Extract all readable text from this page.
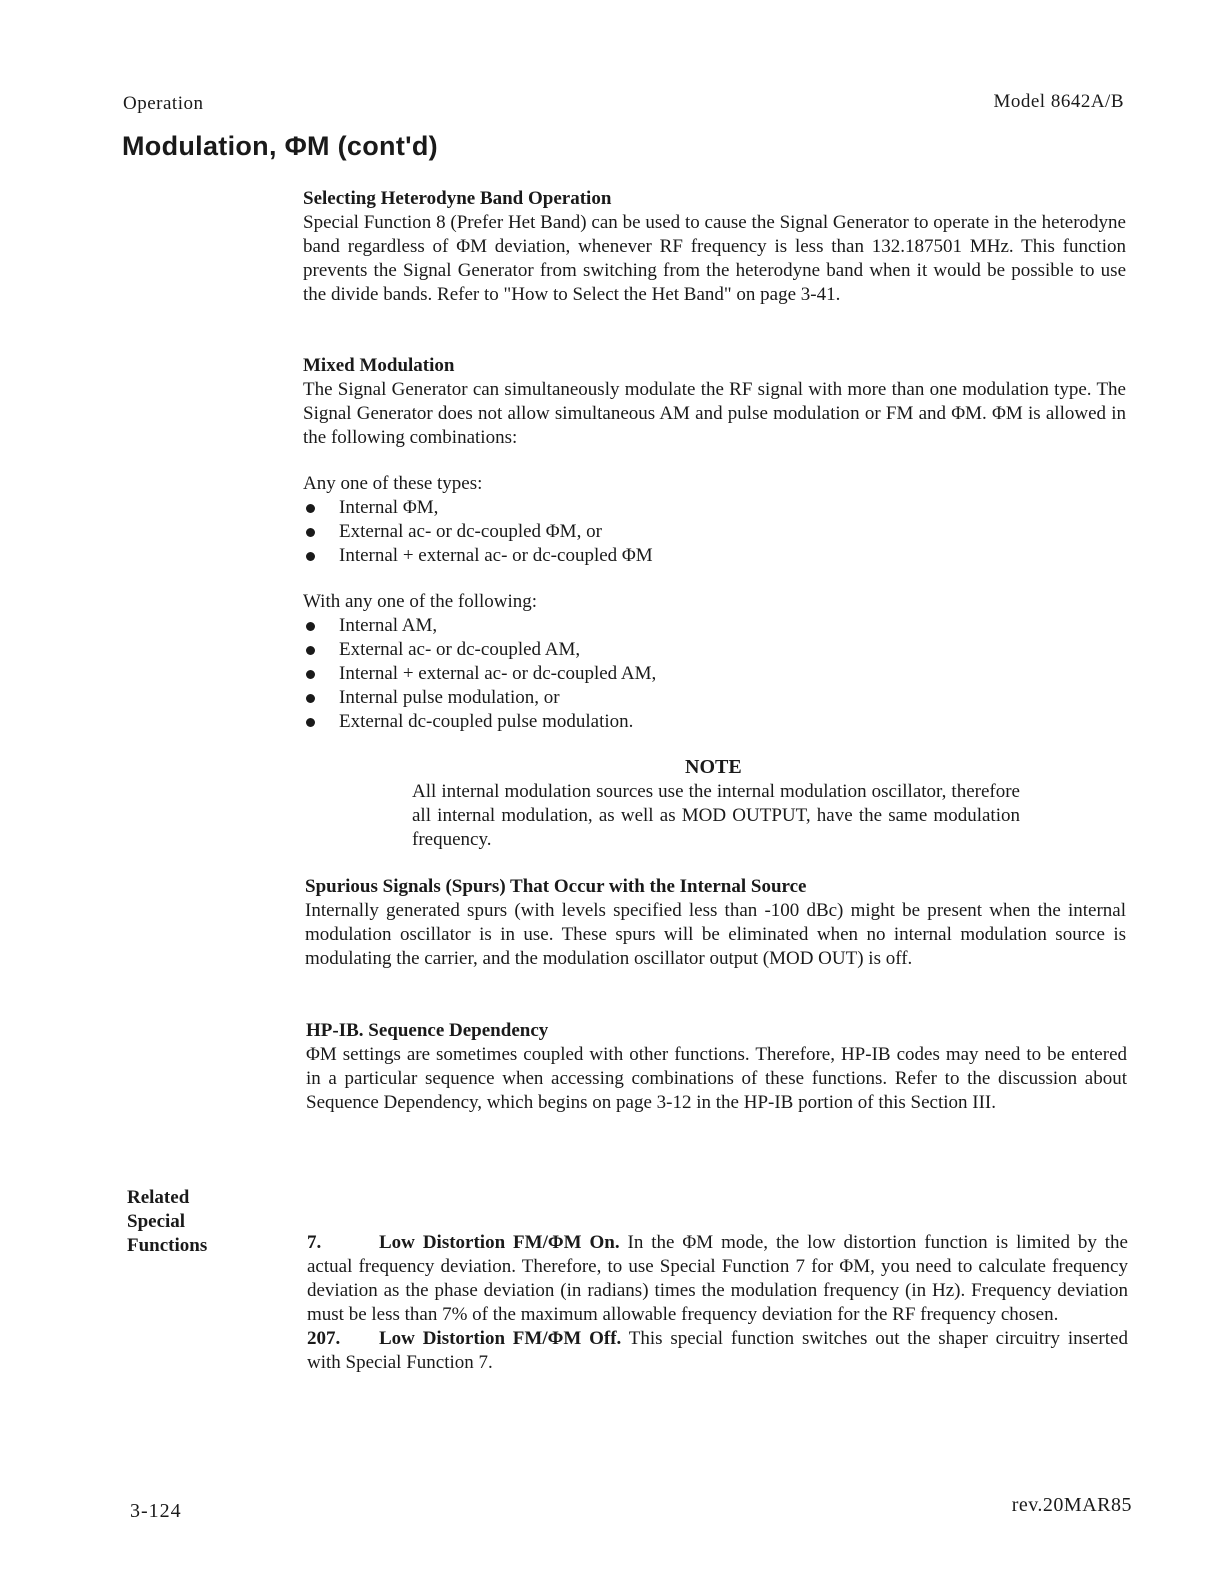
Operation	Model 8642A/B
Modulation, ΦM (cont'd)
Selecting Heterodyne Band Operation
Special Function 8 (Prefer Het Band) can be used to cause the Signal Generator to operate in the heterodyne band regardless of ΦM deviation, whenever RF frequency is less than 132.187501 MHz. This function prevents the Signal Generator from switching from the heterodyne band when it would be possible to use the divide bands. Refer to "How to Select the Het Band" on page 3-41.
Mixed Modulation
The Signal Generator can simultaneously modulate the RF signal with more than one modulation type. The Signal Generator does not allow simultaneous AM and pulse modulation or FM and ΦM. ΦM is allowed in the following combinations:
Any one of these types:
Internal ΦM,
External ac- or dc-coupled ΦM, or
Internal + external ac- or dc-coupled ΦM
With any one of the following:
Internal AM,
External ac- or dc-coupled AM,
Internal + external ac- or dc-coupled AM,
Internal pulse modulation, or
External dc-coupled pulse modulation.
NOTE
All internal modulation sources use the internal modulation oscillator, therefore all internal modulation, as well as MOD OUTPUT, have the same modulation frequency.
Spurious Signals (Spurs) That Occur with the Internal Source
Internally generated spurs (with levels specified less than -100 dBc) might be present when the internal modulation oscillator is in use. These spurs will be eliminated when no internal modulation source is modulating the carrier, and the modulation oscillator output (MOD OUT) is off.
HP-IB. Sequence Dependency
ΦM settings are sometimes coupled with other functions. Therefore, HP-IB codes may need to be entered in a particular sequence when accessing combinations of these functions. Refer to the discussion about Sequence Dependency, which begins on page 3-12 in the HP-IB portion of this Section III.
Related
Special
Functions	7.	Low Distortion FM/ΦM On. In the ΦM mode, the low distortion function is limited by the actual frequency deviation. Therefore, to use Special Function 7 for ΦM, you need to calculate frequency deviation as the phase deviation (in radians) times the modulation frequency (in Hz). Frequency deviation must be less than 7% of the maximum allowable frequency deviation for the RF frequency chosen.
207. Low Distortion FM/ΦM Off. This special function switches out the shaper circuitry inserted with Special Function 7.
3-124	rev.20MAR85
